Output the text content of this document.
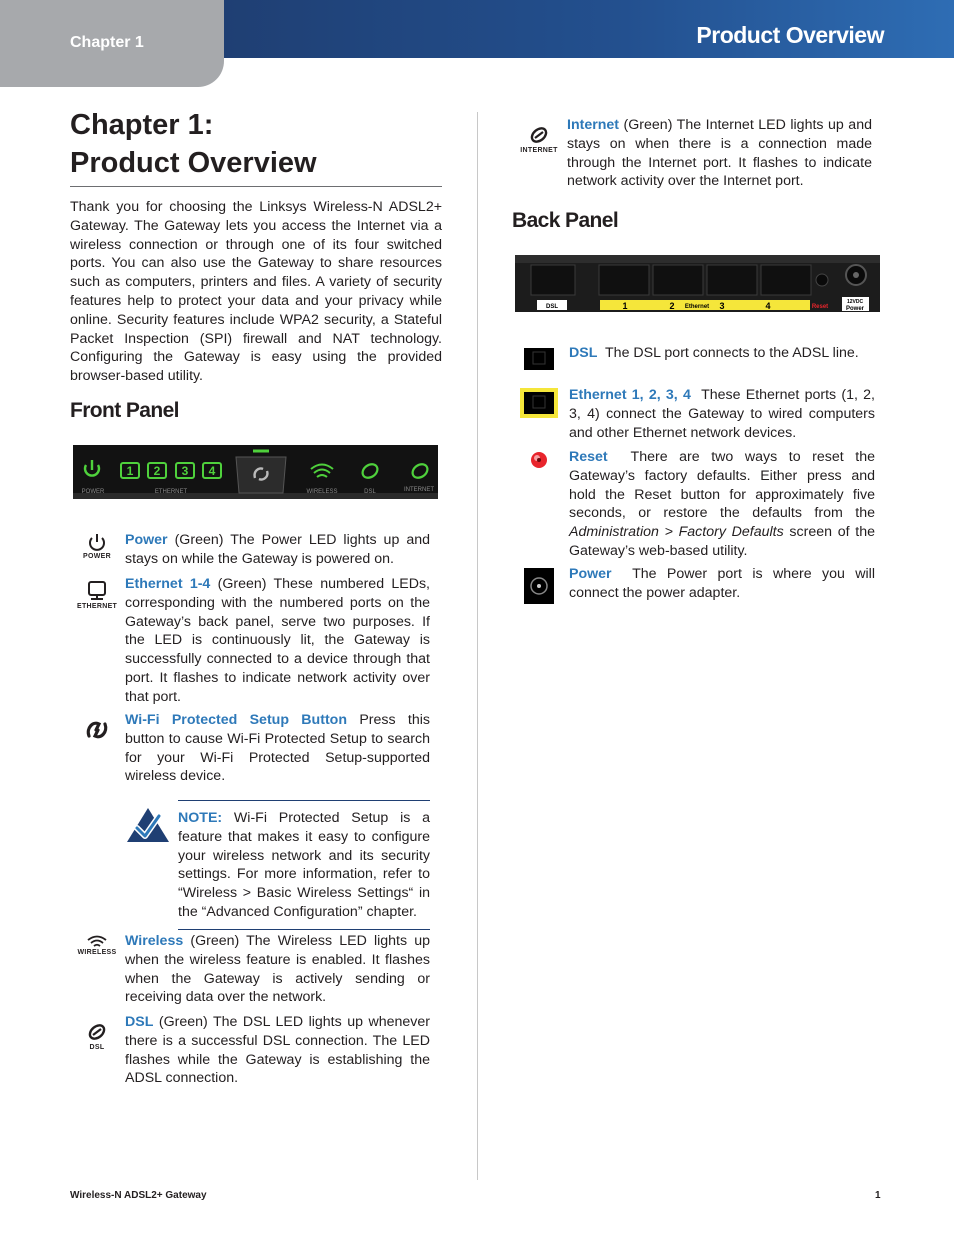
Chapter 1	Product Overview
Chapter 1:
Product Overview

Thank you for choosing the Linksys Wireless-N ADSL2+ Gateway. The Gateway lets you access the Internet via a wireless connection or through one of its four switched ports. You can also use the Gateway to share resources such as computers, printers and files. A variety of security features help to protect your data and your privacy while online. Security features include WPA2 security, a Stateful Packet Inspection (SPI) firewall and NAT technology. Configuring the Gateway is easy using the provided browser-based utility.

Front Panel
1 2 3 4
POWER	ETHERNET	WIRELESS	DSL	INTERNET
POWER

Power (Green) The Power LED lights up and stays on while the Gateway is powered on.

ETHERNET

Ethernet 1-4 (Green) These numbered LEDs, corresponding with the numbered ports on the Gateway’s back panel, serve two purposes. If the LED is continuously lit, the Gateway is successfully connected to a device through that port. It flashes to indicate network activity over that port.

Wi-Fi Protected Setup Button Press this button to cause Wi-Fi Protected Setup to search for your Wi-Fi Protected Setup-supported wireless device.

NOTE: Wi-Fi Protected Setup is a feature that makes it easy to configure your wireless network and its security settings. For more information, refer to “Wireless > Basic Wireless Settings“ in the “Advanced Configuration” chapter.

WIRELESS

Wireless (Green) The Wireless LED lights up when the wireless feature is enabled. It flashes when the Gateway is actively sending or receiving data over the network.

DSL

DSL (Green) The DSL LED lights up whenever there is a successful DSL connection. The LED flashes while the Gateway is establishing the ADSL connection.

INTERNET

Internet (Green) The Internet LED lights up and stays on when there is a connection made through the Internet port. It flashes to indicate network activity over the Internet port.

Back Panel
DSL	1	2 Ethernet 3	4	Reset
12VDC
Power

DSL The DSL port connects to the ADSL line.

Ethernet 1, 2, 3, 4 These Ethernet ports (1, 2, 3, 4) connect the Gateway to wired computers and other Ethernet network devices.

Reset There are two ways to reset the Gateway’s factory defaults. Either press and hold the Reset button for approximately five seconds, or restore the defaults from the Administration > Factory Defaults screen of the Gateway’s web-based utility.

Power The Power port is where you will connect the power adapter.

Wireless-N ADSL2+ Gateway	1
